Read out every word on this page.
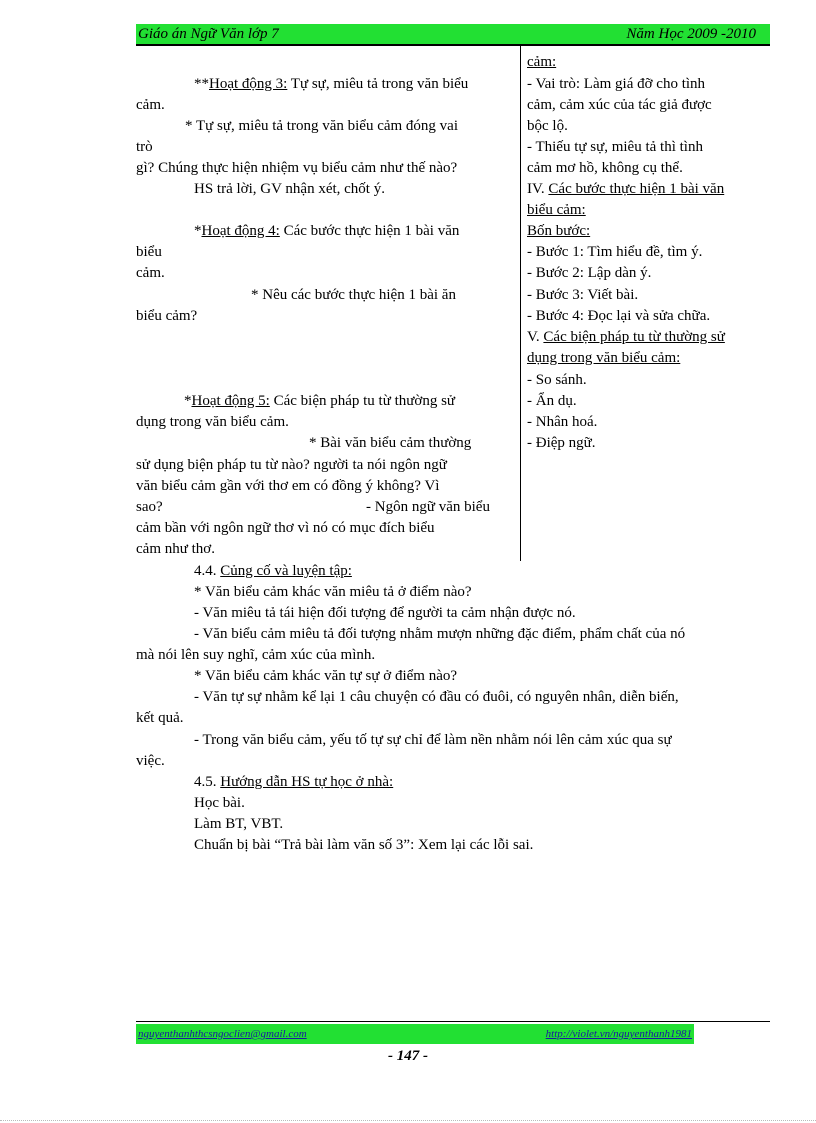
Giáo án Ngữ Văn lớp 7	Năm Học 2009 -2010
**Hoạt động 3: Tự sự, miêu tả trong văn biểu
cảm.
* Tự sự, miêu tả trong văn biểu cảm đóng vai
trò
gì? Chúng thực hiện nhiệm vụ biểu cảm như thế nào?
HS trả lời, GV nhận xét, chốt ý.
*Hoạt động 4: Các bước thực hiện 1 bài văn
biểu
cảm.
* Nêu các bước thực hiện 1 bài ăn
biểu cảm?
*Hoạt động 5: Các biện pháp tu từ thường sử
dụng trong văn biểu cảm.
* Bài văn biểu cảm thường
sử dụng biện pháp tu từ nào? người ta nói ngôn ngữ
văn biểu cảm gần với thơ em có đồng ý không? Vì
sao?	- Ngôn ngữ văn biểu
cảm bần với ngôn ngữ thơ vì nó có mục đích biểu
cảm như thơ.
cảm:
- Vai trò: Làm giá đỡ cho tình
cảm, cảm xúc của tác giả được
bộc lộ.
- Thiếu tự sự, miêu tả thì tình
cảm mơ hồ, không cụ thể.
IV. Các bước thực hiện 1 bài văn
biểu cảm:
Bốn bước:
- Bước 1: Tìm hiểu đề, tìm ý.
- Bước 2: Lập dàn ý.
- Bước 3: Viết bài.
- Bước 4: Đọc lại và sửa chữa.
V. Các biện pháp tu từ thường sử
dụng trong văn biểu cảm:
- So sánh.
- Ẩn dụ.
- Nhân hoá.
- Điệp ngữ.
4.4. Củng cố và luyện tập:
* Văn biểu cảm khác văn miêu tả ở điểm nào?
- Văn miêu tả tái hiện đối tượng để người ta cảm nhận được nó.
- Văn biểu cảm miêu tả đối tượng nhằm mượn những đặc điểm, phẩm chất của nó
mà nói lên suy nghĩ, cảm xúc của mình.
* Văn biểu cảm khác văn tự sự ở điểm nào?
- Văn tự sự nhằm kể lại 1 câu chuyện có đầu có đuôi, có nguyên nhân, diễn biến,
kết quả.
- Trong văn biểu cảm, yếu tố tự sự chỉ để làm nền nhằm nói lên cảm xúc qua sự
việc.
4.5. Hướng dẫn HS tự học ở nhà:
Học bài.
Làm BT, VBT.
Chuẩn bị bài “Trả bài làm văn số 3”: Xem lại các lỗi sai.
nguyenthanhthcsngoclien@gmail.com	http://violet.vn/nguyenthanh1981
- 147 -
